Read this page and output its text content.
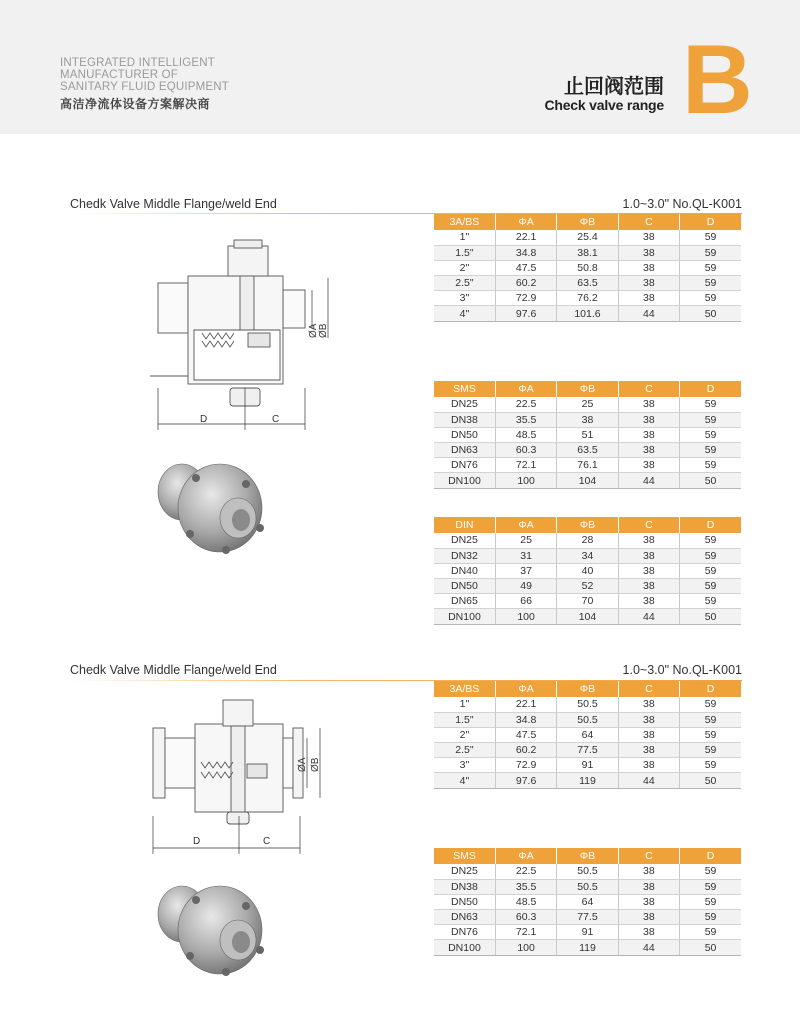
INTEGRATED INTELLIGENT
MANUFACTURER OF
SANITARY FLUID EQUIPMENT
高洁净流体设备方案解决商
止回阀范围
Check valve range B
Chedk Valve Middle Flange/weld End	1.0~3.0" No.QL-K001
D	C
ØA ØB
3A/BS	ΦA	ΦB	C	D
1"	22.1	25.4	38	59
1.5"	34.8	38.1	38	59
2"	47.5	50.8	38	59
2.5"	60.2	63.5	38	59
3"	72.9	76.2	38	59
4"	97.6	101.6	44	50
SMS	ΦA	ΦB	C	D
DN25	22.5	25	38	59
DN38	35.5	38	38	59
DN50	48.5	51	38	59
DN63	60.3	63.5	38	59
DN76	72.1	76.1	38	59
DN100	100	104	44	50
DIN	ΦA	ΦB	C	D
DN25	25	28	38	59
DN32	31	34	38	59
DN40	37	40	38	59
DN50	49	52	38	59
DN65	66	70	38	59
DN100	100	104	44	50
Chedk Valve Middle Flange/weld End	1.0~3.0" No.QL-K001
D	C
ØA ØB
3A/BS	ΦA	ΦB	C	D
1"	22.1	50.5	38	59
1.5"	34.8	50.5	38	59
2"	47.5	64	38	59
2.5"	60.2	77.5	38	59
3"	72.9	91	38	59
4"	97.6	119	44	50
SMS	ΦA	ΦB	C	D
DN25	22.5	50.5	38	59
DN38	35.5	50.5	38	59
DN50	48.5	64	38	59
DN63	60.3	77.5	38	59
DN76	72.1	91	38	59
DN100	100	119	44	50
